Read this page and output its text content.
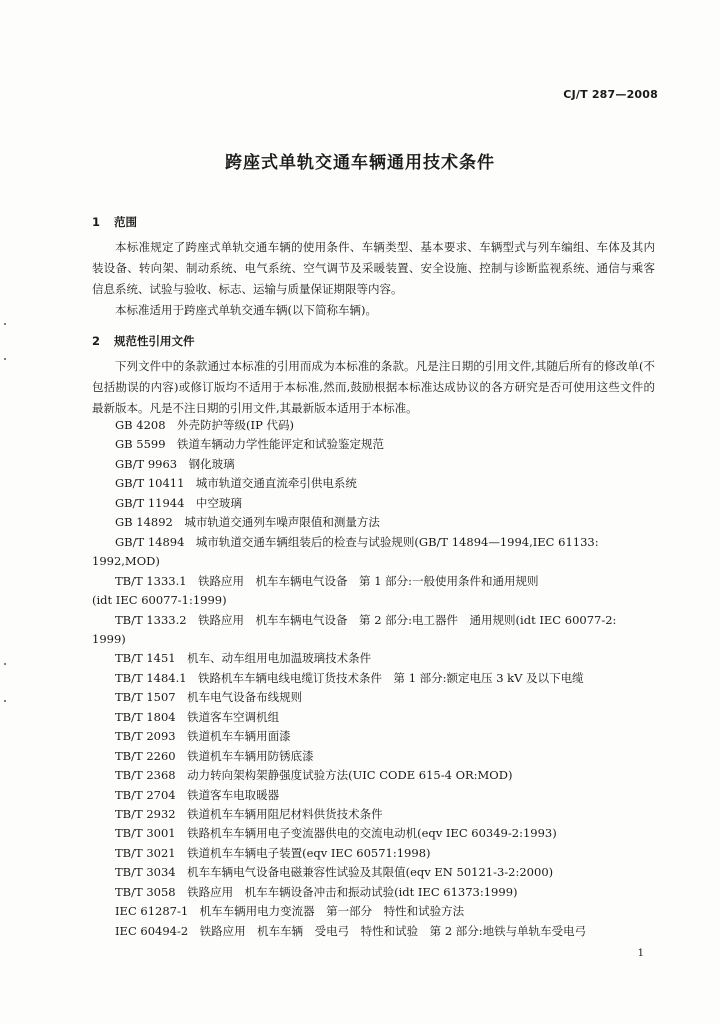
CJ/T 287—2008
跨座式单轨交通车辆通用技术条件
1 范围
本标准规定了跨座式单轨交通车辆的使用条件、车辆类型、基本要求、车辆型式与列车编组、车体及其内装设备、转向架、制动系统、电气系统、空气调节及采暖装置、安全设施、控制与诊断监视系统、通信与乘客信息系统、试验与验收、标志、运输与质量保证期限等内容。
本标准适用于跨座式单轨交通车辆(以下简称车辆)。
2 规范性引用文件
下列文件中的条款通过本标准的引用而成为本标准的条款。凡是注日期的引用文件,其随后所有的修改单(不包括勘误的内容)或修订版均不适用于本标准,然而,鼓励根据本标准达成协议的各方研究是否可使用这些文件的最新版本。凡是不注日期的引用文件,其最新版本适用于本标准。
GB 4208　外壳防护等级(IP 代码)
GB 5599　铁道车辆动力学性能评定和试验鉴定规范
GB/T 9963　钢化玻璃
GB/T 10411　城市轨道交通直流牵引供电系统
GB/T 11944　中空玻璃
GB 14892　城市轨道交通列车噪声限值和测量方法
GB/T 14894　城市轨道交通车辆组装后的检查与试验规则(GB/T 14894—1994,IEC 61133:
1992,MOD)
TB/T 1333.1　铁路应用　机车车辆电气设备　第 1 部分:一般使用条件和通用规则
(idt IEC 60077-1:1999)
TB/T 1333.2　铁路应用　机车车辆电气设备　第 2 部分:电工器件　通用规则(idt IEC 60077-2:
1999)
TB/T 1451　机车、动车组用电加温玻璃技术条件
TB/T 1484.1　铁路机车车辆电线电缆订货技术条件　第 1 部分:额定电压 3 kV 及以下电缆
TB/T 1507　机车电气设备布线规则
TB/T 1804　铁道客车空调机组
TB/T 2093　铁道机车车辆用面漆
TB/T 2260　铁道机车车辆用防锈底漆
TB/T 2368　动力转向架构架静强度试验方法(UIC CODE 615-4 OR:MOD)
TB/T 2704　铁道客车电取暖器
TB/T 2932　铁道机车车辆用阻尼材料供货技术条件
TB/T 3001　铁路机车车辆用电子变流器供电的交流电动机(eqv IEC 60349-2:1993)
TB/T 3021　铁道机车车辆电子装置(eqv IEC 60571:1998)
TB/T 3034　机车车辆电气设备电磁兼容性试验及其限值(eqv EN 50121-3-2:2000)
TB/T 3058　铁路应用　机车车辆设备冲击和振动试验(idt IEC 61373:1999)
IEC 61287-1　机车车辆用电力变流器　第一部分　特性和试验方法
IEC 60494-2　铁路应用　机车车辆　受电弓　特性和试验　第 2 部分:地铁与单轨车受电弓
1
